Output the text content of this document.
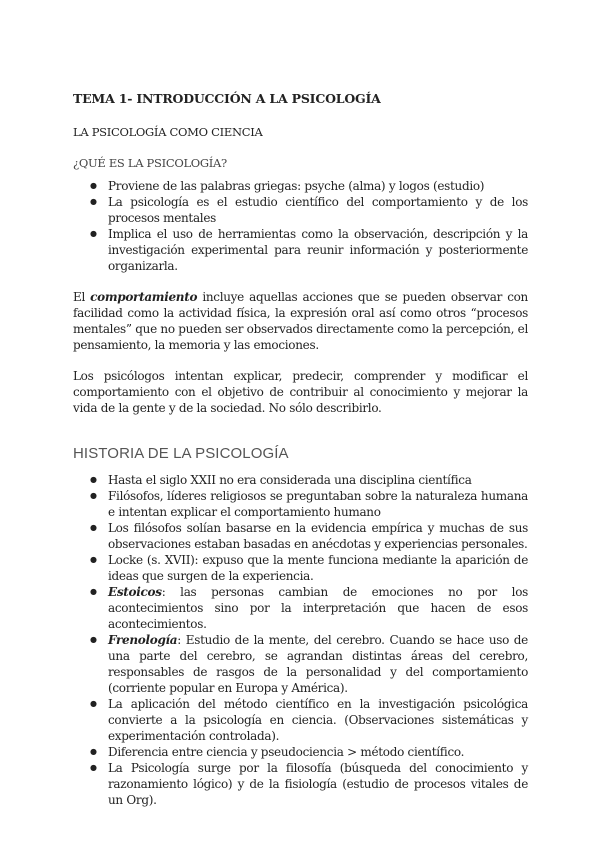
TEMA 1- INTRODUCCIÓN A LA PSICOLOGÍA
LA PSICOLOGÍA COMO CIENCIA
¿QUÉ ES LA PSICOLOGÍA?
● Proviene de las palabras griegas: psyche (alma) y logos (estudio)
● La psicología es el estudio científico del comportamiento y de los procesos mentales
● Implica el uso de herramientas como la observación, descripción y la investigación experimental para reunir información y posteriormente organizarla.
El comportamiento incluye aquellas acciones que se pueden observar con facilidad como la actividad física, la expresión oral así como otros “procesos mentales” que no pueden ser observados directamente como la percepción, el pensamiento, la memoria y las emociones.
Los psicólogos intentan explicar, predecir, comprender y modificar el comportamiento con el objetivo de contribuir al conocimiento y mejorar la vida de la gente y de la sociedad. No sólo describirlo.
HISTORIA DE LA PSICOLOGÍA
● Hasta el siglo XXII no era considerada una disciplina científica
● Filósofos, líderes religiosos se preguntaban sobre la naturaleza humana e intentan explicar el comportamiento humano
● Los filósofos solían basarse en la evidencia empírica y muchas de sus observaciones estaban basadas en anécdotas y experiencias personales.
● Locke (s. XVII): expuso que la mente funciona mediante la aparición de ideas que surgen de la experiencia.
● Estoicos: las personas cambian de emociones no por los acontecimientos sino por la interpretación que hacen de esos acontecimientos.
● Frenología: Estudio de la mente, del cerebro. Cuando se hace uso de una parte del cerebro, se agrandan distintas áreas del cerebro, responsables de rasgos de la personalidad y del comportamiento (corriente popular en Europa y América).
● La aplicación del método científico en la investigación psicológica convierte a la psicología en ciencia. (Observaciones sistemáticas y experimentación controlada).
● Diferencia entre ciencia y pseudociencia > método científico.
● La Psicología surge por la filosofía (búsqueda del conocimiento y razonamiento lógico) y de la fisiología (estudio de procesos vitales de un Org).
